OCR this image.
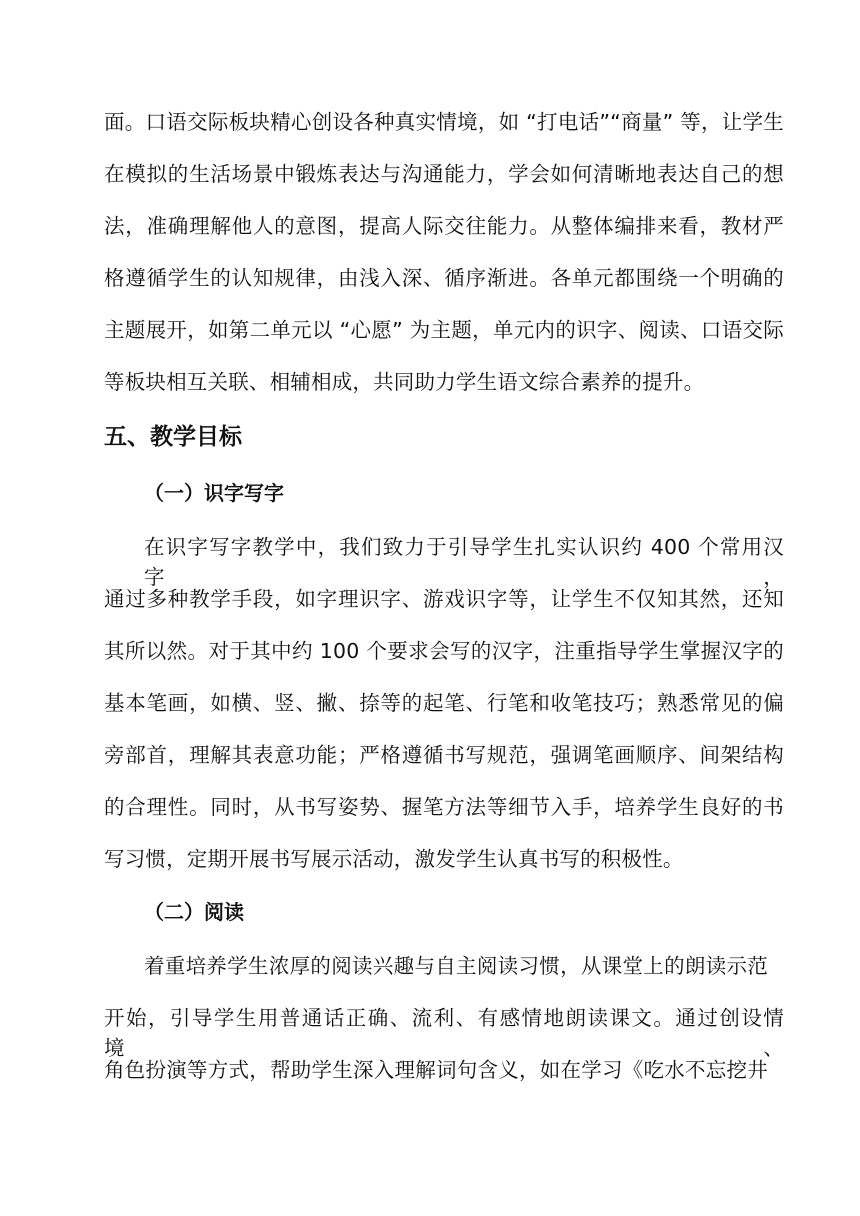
面。口语交际板块精心创设各种真实情境，如 “打电话”“商量” 等，让学生
在模拟的生活场景中锻炼表达与沟通能力，学会如何清晰地表达自己的想
法，准确理解他人的意图，提高人际交往能力。从整体编排来看，教材严
格遵循学生的认知规律，由浅入深、循序渐进。各单元都围绕一个明确的
主题展开，如第二单元以 “心愿” 为主题，单元内的识字、阅读、口语交际
等板块相互关联、相辅相成，共同助力学生语文综合素养的提升。
五、教学目标
（一）识字写字
在识字写字教学中，我们致力于引导学生扎实认识约 400 个常用汉字，
通过多种教学手段，如字理识字、游戏识字等，让学生不仅知其然，还知
其所以然。对于其中约 100 个要求会写的汉字，注重指导学生掌握汉字的
基本笔画，如横、竖、撇、捺等的起笔、行笔和收笔技巧；熟悉常见的偏
旁部首，理解其表意功能；严格遵循书写规范，强调笔画顺序、间架结构
的合理性。同时，从书写姿势、握笔方法等细节入手，培养学生良好的书
写习惯，定期开展书写展示活动，激发学生认真书写的积极性。
（二）阅读
着重培养学生浓厚的阅读兴趣与自主阅读习惯，从课堂上的朗读示范
开始，引导学生用普通话正确、流利、有感情地朗读课文。通过创设情境、
角色扮演等方式，帮助学生深入理解词句含义，如在学习《吃水不忘挖井
